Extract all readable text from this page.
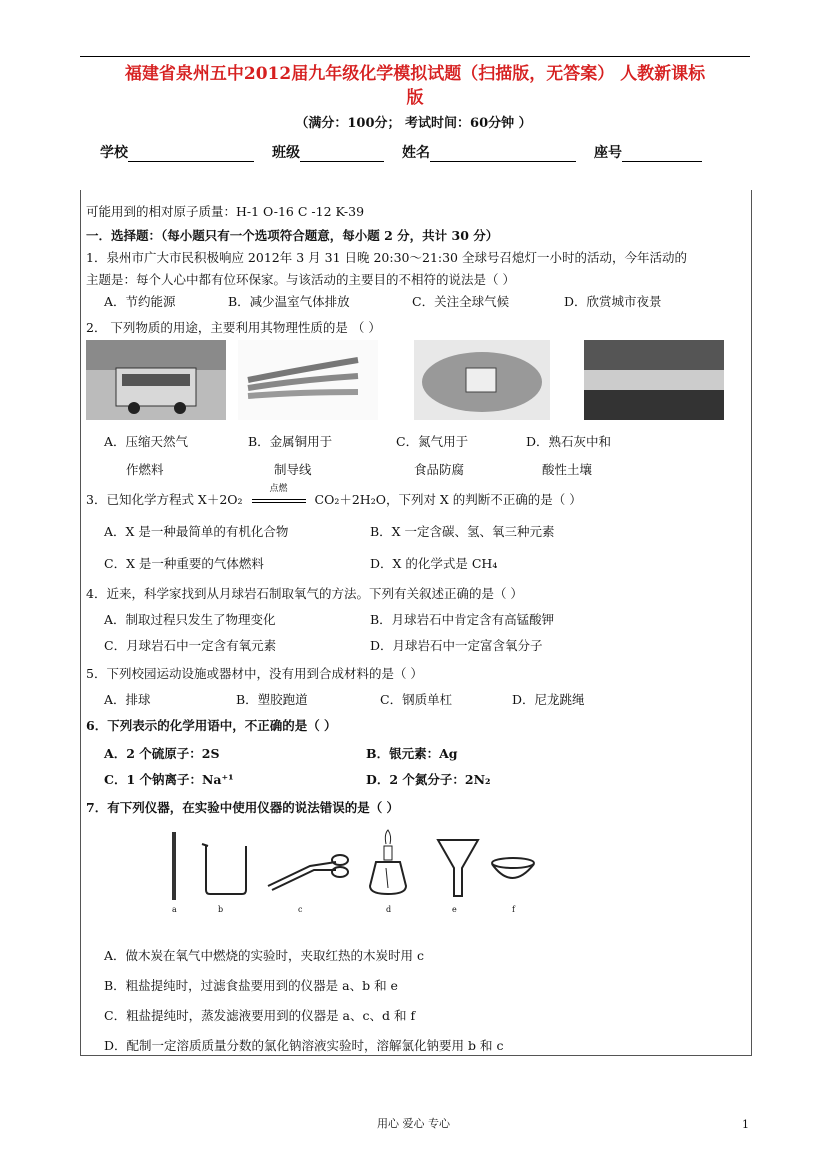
福建省泉州五中2012届九年级化学模拟试题（扫描版，无答案） 人教新课标
版
（满分：100分； 考试时间：60分钟 ）
学校	班级	姓名	座号
可能用到的相对原子质量：H-1 O-16 C -12 K-39
一．选择题：（每小题只有一个选项符合题意，每小题 2 分，共计 30 分）
1．泉州市广大市民积极响应 2012年 3 月 31 日晚 20:30～21:30 全球号召熄灯一小时的活动，今年活动的
主题是：每个人心中都有位环保家。与该活动的主要目的不相符的说法是（ ）
A．节约能源	B．减少温室气体排放	C．关注全球气候	D．欣赏城市夜景
2． 下列物质的用途，主要利用其物理性质的是 （ ）
A．压缩天然气	B．金属铜用于	C．氮气用于	D．熟石灰中和
作燃料	制导线	食品防腐	酸性土壤
3．已知化学方程式 X＋2O₂
点燃
CO₂＋2H₂O，下列对 X 的判断不正确的是（ ）
A．X 是一种最简单的有机化合物	B．X 一定含碳、氢、氧三种元素
C．X 是一种重要的气体燃料	D．X 的化学式是 CH₄
4．近来，科学家找到从月球岩石制取氧气的方法。下列有关叙述正确的是（ ）
A．制取过程只发生了物理变化	B．月球岩石中肯定含有高锰酸钾
C．月球岩石中一定含有氧元素	D．月球岩石中一定富含氧分子
5．下列校园运动设施或器材中，没有用到合成材料的是（ ）
A．排球	B．塑胶跑道	C．钢质单杠	D．尼龙跳绳
6．下列表示的化学用语中，不正确的是（ ）
A．2 个硫原子：2S	B．银元素：Ag
C．1 个钠离子：Na⁺¹	D．2 个氮分子：2N₂
7．有下列仪器，在实验中使用仪器的说法错误的是（ ）
a	b	c	d	e	f
A．做木炭在氧气中燃烧的实验时，夹取红热的木炭时用 c
B．粗盐提纯时，过滤食盐要用到的仪器是 a、b 和 e
C．粗盐提纯时，蒸发滤液要用到的仪器是 a、c、d 和 f
D．配制一定溶质质量分数的氯化钠溶液实验时，溶解氯化钠要用 b 和 c
用心 爱心 专心	1
